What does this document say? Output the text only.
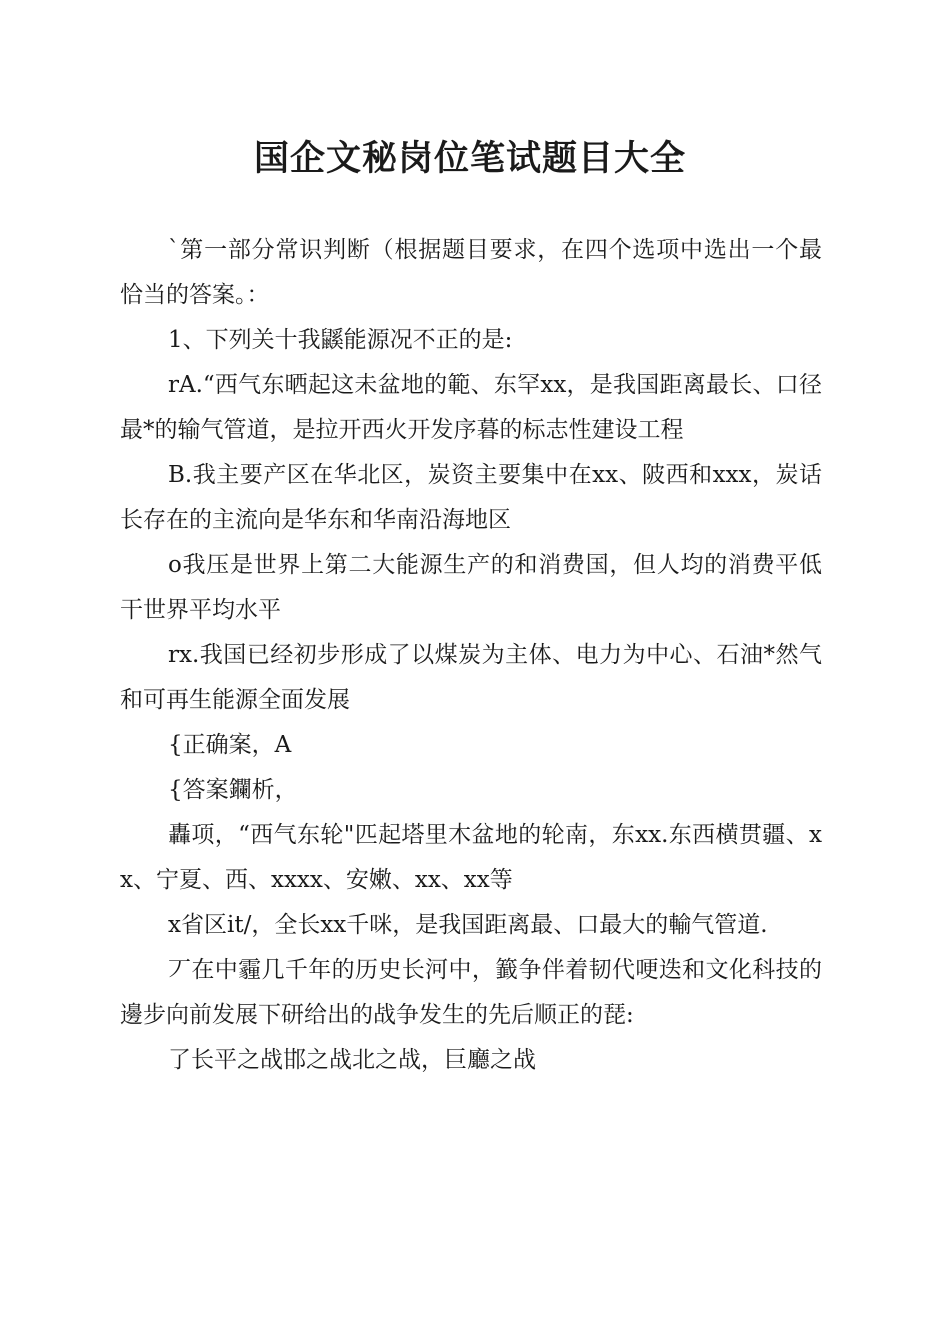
国企文秘岗位笔试题目大全

`第一部分常识判断（根据题目要求，在四个选项中选出一个最恰当的答案。：

1、下列关十我鼷能源况不正的是:

rA.“西气东晒起这未盆地的範、东罕xx，是我国距离最长、口径最*的输气管道，是拉开西火开发序暮的标志性建设工程

B.我主要产区在华北区，炭资主要集中在xx、陂西和xxx，炭话长存在的主流向是华东和华南沿海地区

o我压是世界上第二大能源生产的和消费国，但人均的消费平低干世界平均水平

rx.我国已经初步形成了以煤炭为主体、电力为中心、石油*然气和可再生能源全面发展

{正确案，A

{答案鑭析，

轟项，“西气东轮"匹起塔里木盆地的轮南，东xx.东西横贯疆、xx、宁夏、西、xxxx、安嫩、xx、xx等

x省区it/，全长xx千咪，是我国距离最、口最大的輸气管道.

丆在中霾几千年的历史长河中，籖争伴着韧代哽迭和文化科技的邊步向前发展下研给出的战争发生的先后顺正的琵:

了长平之战邯之战北之战，巨廳之战
